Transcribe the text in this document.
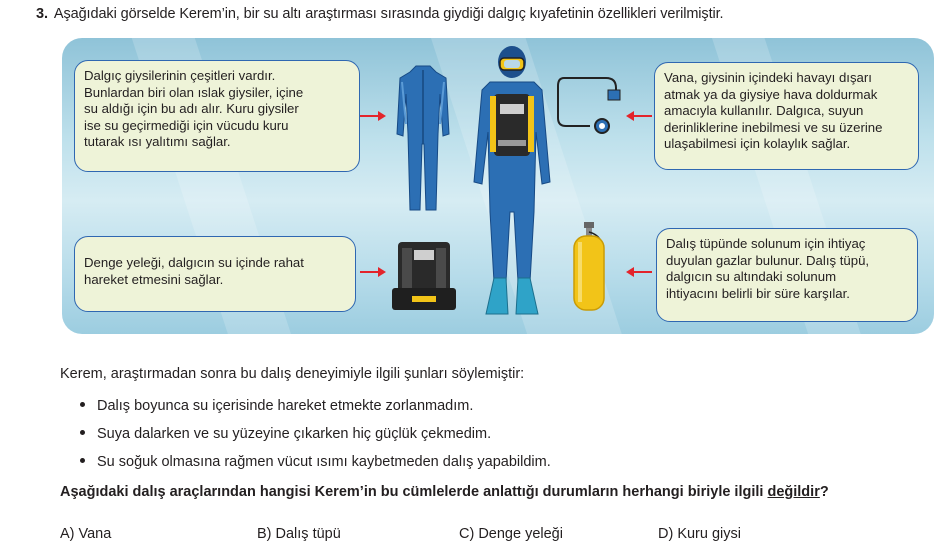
3. Aşağıdaki görselde Kerem’in, bir su altı araştırması sırasında giydiği dalgıç kıyafetinin özellikleri verilmiştir.
Dalgıç giysilerinin çeşitleri vardır.
Bunlardan biri olan ıslak giysiler, içine
su aldığı için bu adı alır. Kuru giysiler
ise su geçirmediği için vücudu kuru
tutarak ısı yalıtımı sağlar.
Vana, giysinin içindeki havayı dışarı
atmak ya da giysiye hava doldurmak
amacıyla kullanılır. Dalgıca, suyun
derinliklerine inebilmesi ve su üzerine
ulaşabilmesi için kolaylık sağlar.
Denge yeleği, dalgıcın su içinde rahat
hareket etmesini sağlar.
Dalış tüpünde solunum için ihtiyaç
duyulan gazlar bulunur. Dalış tüpü,
dalgıcın su altındaki solunum
ihtiyacını belirli bir süre karşılar.
Kerem, araştırmadan sonra bu dalış deneyimiyle ilgili şunları söylemiştir:
Dalış boyunca su içerisinde hareket etmekte zorlanmadım.
Suya dalarken ve su yüzeyine çıkarken hiç güçlük çekmedim.
Su soğuk olmasına rağmen vücut ısımı kaybetmeden dalış yapabildim.
Aşağıdaki dalış araçlarından hangisi Kerem’in bu cümlelerde anlattığı durumların herhangi biriyle ilgili değildir?
A) Vana	B) Dalış tüpü	C) Denge yeleği	D) Kuru giysi
